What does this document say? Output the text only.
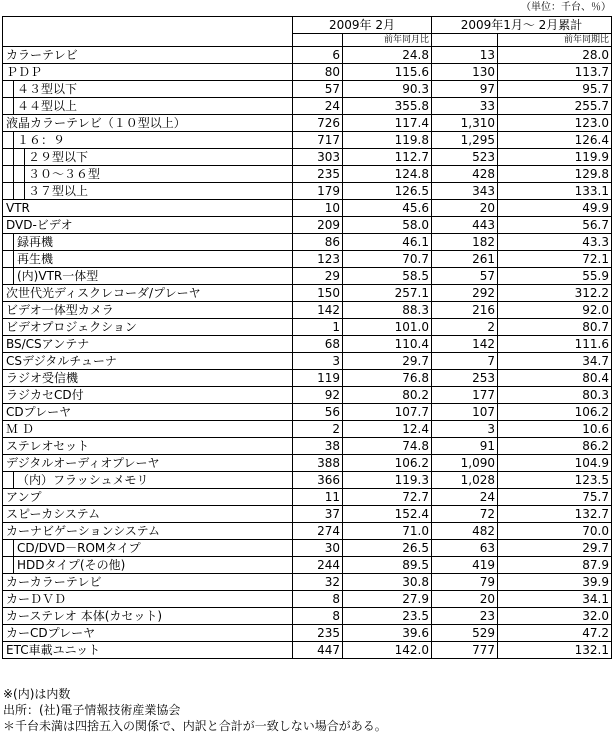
（単位：千台、％）
	2009年 2月		2009年1月～ 2月累計	
		前年同月比		前年同期比

カラーテレビ	6	24.8	13	28.0

ＰＤＰ	80	115.6	130	113.7

４３型以下	57	90.3	97	95.7

４４型以上	24	355.8	33	255.7

液晶カラーテレビ（１０型以上）	726	117.4	1,310	123.0

１６：９	717	119.8	1,295	126.4

２９型以下	303	112.7	523	119.9

３０～３６型	235	124.8	428	129.8

３７型以上	179	126.5	343	133.1

VTR	10	45.6	20	49.9

DVD-ビデオ	209	58.0	443	56.7

録再機	86	46.1	182	43.3

再生機	123	70.7	261	72.1

(内)VTR一体型	29	58.5	57	55.9

次世代光ディスクレコーダ/プレーヤ	150	257.1	292	312.2

ビデオ一体型カメラ	142	88.3	216	92.0

ビデオプロジェクション	1	101.0	2	80.7

BS/CSアンテナ	68	110.4	142	111.6

CSデジタルチューナ	3	29.7	7	34.7

ラジオ受信機	119	76.8	253	80.4

ラジカセCD付	92	80.2	177	80.3

CDプレーヤ	56	107.7	107	106.2

Ｍ Ｄ	2	12.4	3	10.6

ステレオセット	38	74.8	91	86.2

デジタルオーディオプレーヤ	388	106.2	1,090	104.9

（内）フラッシュメモリ	366	119.3	1,028	123.5

アンプ	11	72.7	24	75.7

スピーカシステム	37	152.4	72	132.7

カーナビゲーションシステム	274	71.0	482	70.0

CD/DVD－ROMタイプ	30	26.5	63	29.7

HDDタイプ(その他)	244	89.5	419	87.9

カーカラーテレビ	32	30.8	79	39.9

カーＤＶＤ	8	27.9	20	34.1

カーステレオ 本体(カセット)	8	23.5	23	32.0

カーCDプレーヤ	235	39.6	529	47.2

ETC車載ユニット	447	142.0	777	132.1
※(内)は内数
出所：(社)電子情報技術産業協会
＊千台未満は四捨五入の関係で、内訳と合計が一致しない場合がある。
